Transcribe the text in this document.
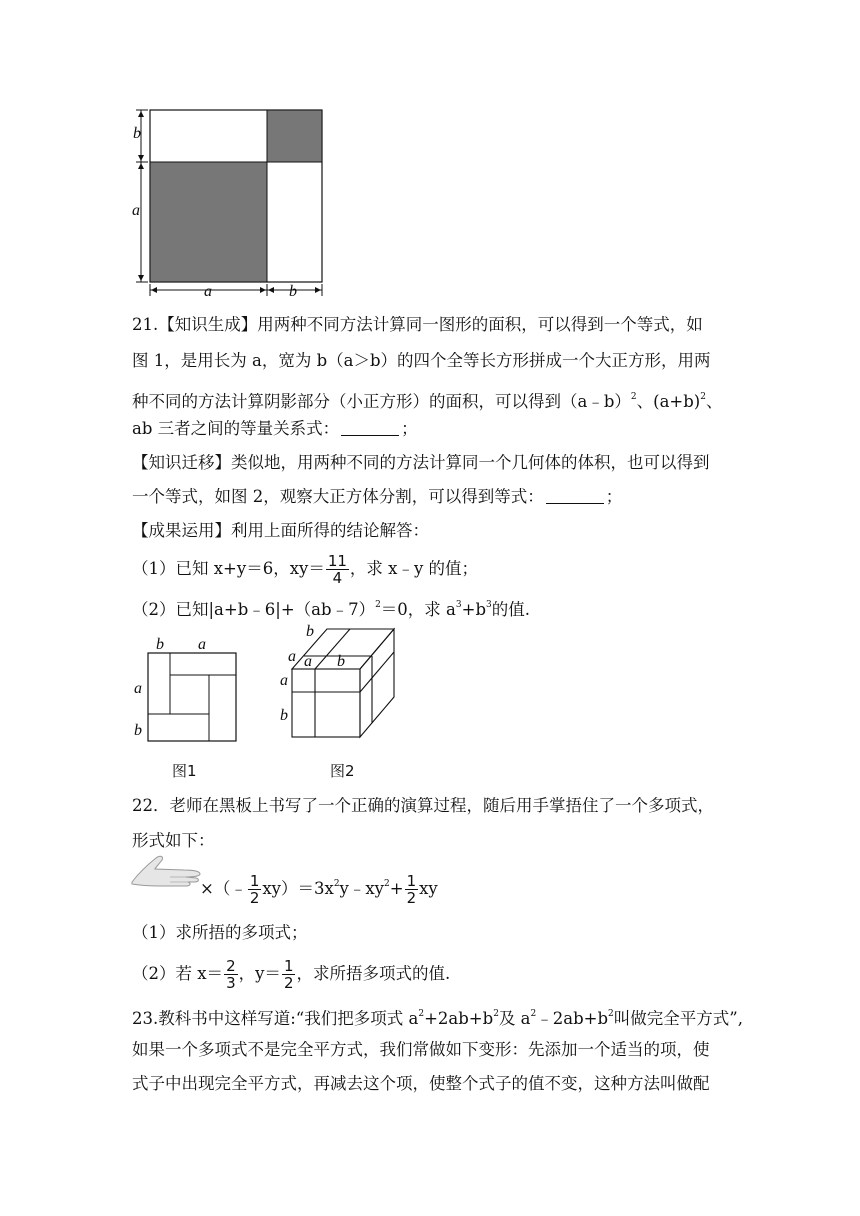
b
a
a	b
21.【知识生成】用两种不同方法计算同一图形的面积，可以得到一个等式，如
图 1，是用长为 a，宽为 b（a＞b）的四个全等长方形拼成一个大正方形，用两
种不同的方法计算阴影部分（小正方形）的面积，可以得到（a﹣b）$^2$、$(a+b)^2$、
ab 三者之间的等量关系式：	；
【知识迁移】类似地，用两种不同的方法计算同一个几何体的体积，也可以得到
一个等式，如图 2，观察大正方体分割，可以得到等式：	；
【成果运用】利用上面所得的结论解答：
（1）已知 x+y＝6，$xy= \frac{11}{4}$ ，求 x﹣y 的值；
（2）已知|a+b﹣6|+（ab﹣7）$^2$＝0，求 $a^3+b^3$的值.
b a
a
b
图1
b
a a b
a
b
图2
22．老师在黑板上书写了一个正确的演算过程，随后用手掌捂住了一个多项式，
形式如下：
×（﹣ $\frac{1}{2}$ $xy)=3x^2y﹣xy^2+ \frac{1}{2}$ xy
（1）求所捂的多项式；
（2）若 $x= \frac{2}{3}$ ，$y= \frac{1}{2}$ ，求所捂多项式的值.
23.教科书中这样写道:“我们把多项式 $a^2+2ab+b^2$及 $a^2﹣2ab+b^2$叫做完全平方式”,
如果一个多项式不是完全平方式，我们常做如下变形：先添加一个适当的项，使
式子中出现完全平方式，再减去这个项，使整个式子的值不变，这种方法叫做配
